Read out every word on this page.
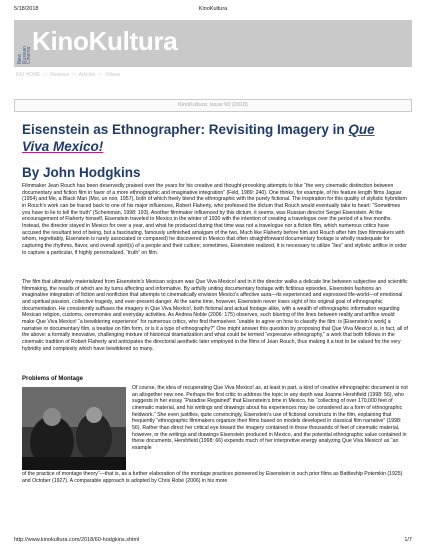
5/18/2018	KinoKultura
New
Russian
Cinema KinoKultura
KKI HOME □ Reviews □ Articles □ Videos
KinoKultura: Issue 60 (2018)
Eisenstein as Ethnographer: Revisiting Imagery in Que Viva Mexico!
By John Hodgkins

Filmmaker Jean Rouch has been deservedly praised over the years for his creative and thought-provoking attempts to blur “the very cinematic distinction between documentary and fiction film in favor of a more ethnographic and imaginative integration” (Feld, 1989: 240). One thinks, for example, of his feature length films Jaguar (1954) and Me, a Black Man (Moi, un noir, 1957), both of which freely blend the ethnographic with the purely fictional. The inspiration for this quality of stylistic hybridism in Rouch’s work can be traced back to one of his major influences, Robert Flaherty, who professed the dictum that Rouch would eventually take to heart: “Sometimes you have to lie to tell the truth” (Scheinman, 1998: 193). Another filmmaker influenced by this dictum, it seems, was Russian director Sergei Eisenstein. At the encouragement of Flaherty himself, Eisenstein traveled to Mexico in the winter of 1930 with the intention of creating a travelogue over the period of a few months. Instead, the director stayed in Mexico for over a year, and what he produced during that time was not a travelogue nor a fiction film, which numerous critics have accused the resultant text of being, but a fascinating, famously unfinished amalgam of the two. Much like Flaherty before him and Rouch after him (two filmmakers with whom, regrettably, Eisenstein is rarely associated or compared) he discovered in Mexico that often straightforward documentary footage is wholly inadequate for capturing the rhythms, flavor, and overall spirit(s) of a people and their culture; sometimes, Eisenstein realized, it is necessary to utilize “lies” and stylistic artifice in order to capture a particular, if highly personalized, “truth” on film.

The film that ultimately materialized from Eisenstein’s Mexican sojourn was Que Viva Mexico! and in it the director walks a delicate line between subjective and scientific filmmaking, the results of which are by turns affecting and informative. By artfully uniting documentary footage with fictitious episodes, Eisenstein fashions an imaginative integration of fiction and nonfiction that attempts to cinematically envision Mexico’s affective aura—its experienced and expressed life-world—of emotional and spiritual passion, collective tragedy, and ever-present danger. At the same time, however, Eisenstein never loses sight of his original goal of ethnographic documentation. He consistently suffuses the imagery in Que Viva Mexico!, both fictional and actual footage alike, with a wealth of ethnographic information regarding Mexican religion, customs, ceremonies and everyday activities. As Andrea Noble (2006: 175) observes, such blurring of the lines between reality and artifice would make Que Viva Mexico! “a bewildering experience” for numerous critics, who find themselves “unable to agree on how to classify the film: is [Eisenstein’s work] a narrative or documentary film, a treatise on film form, or is it a type of ethnography?” One might answer this question by proposing that Que Viva Mexico! is, in fact, all of the above: a formally innovative, challenging mixture of historical dramatization and what could be termed “expressive ethnography,” a work that both follows in the cinematic tradition of Robert Flaherty and anticipates the directorial aesthetic later employed in the films of Jean Rouch, thus making it a text to be valued for the very hybridity and complexity which have bewildered so many.

Problems of Montage

Of course, the idea of recuperating Que Viva Mexico! as, at least in part, a kind of creative ethnographic document is not an altogether new one. Perhaps the first critic to address the topic in any depth was Joanne Hershfield (1998: 56), who suggests in her essay “Paradise Regained” that Eisenstein’s time in Mexico, his “collecting of over 170,000 feet of cinematic material, and his writings and drawings about his experiences may be considered as a form of ethnographic fieldwork.” She even justifies, quite convincingly, Eisenstein’s use of fictional constructs in the film, explaining that frequently “ethnographic filmmakers organize their films based on models developed in classical film narrative” (1998: 56). Rather than direct her critical eye toward the imagery contained in those thousands of feet of cinematic material, however, or the writings and drawings Eisenstein produced in Mexico, and the potential ethnographic value contained in these documents, Hershfield (1998: 66) expends much of her interpretive energy analyzing Que Viva Mexico! as “an example

of the practice of montage theory”—that is, as a further elaboration of the montage practices pioneered by Eisenstein in such prior films as Battleship Potemkin (1925) and October (1927). A comparable approach is adopted by Chris Robé (2006) in his more

http://www.kinokultura.com/2018/60-hodgkins.shtml	1/7
